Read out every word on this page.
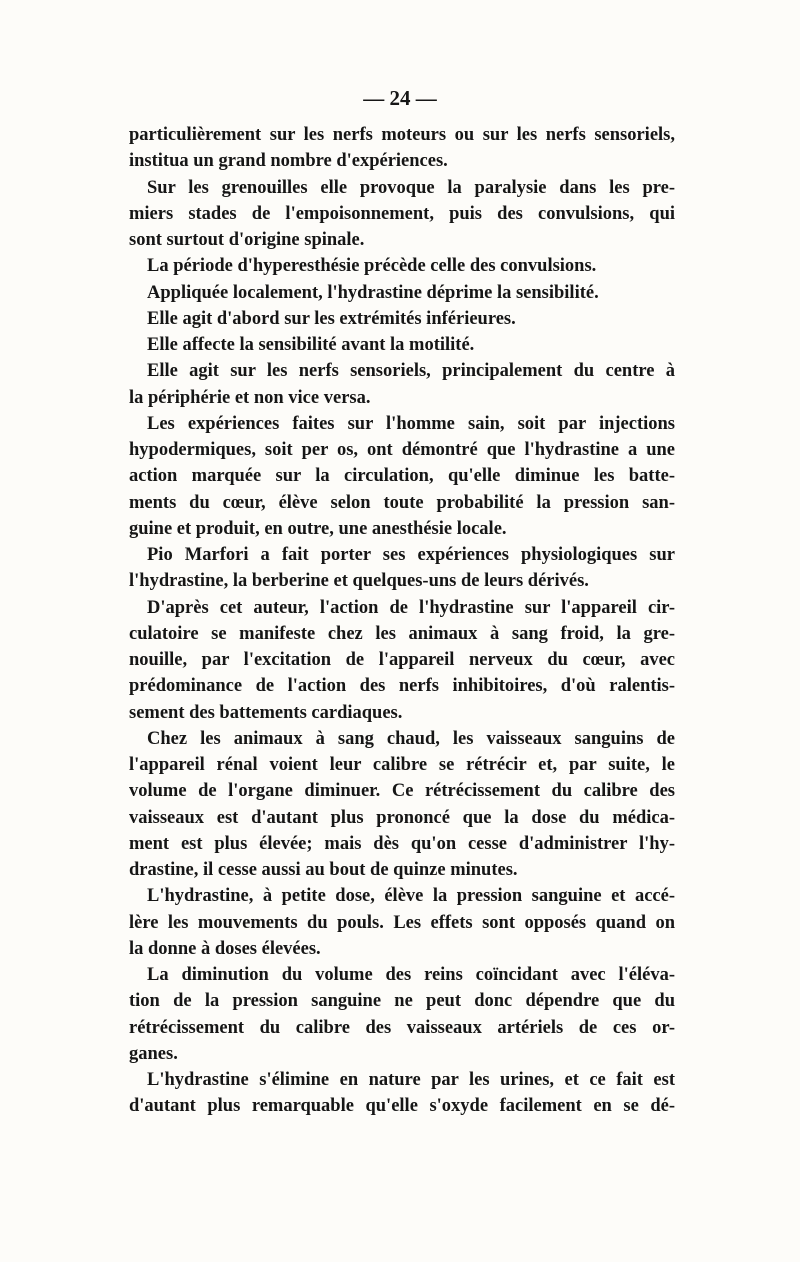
— 24 —
particulièrement sur les nerfs moteurs ou sur les nerfs sensoriels,
institua un grand nombre d'expériences.
Sur les grenouilles elle provoque la paralysie dans les pre-
miers stades de l'empoisonnement, puis des convulsions, qui
sont surtout d'origine spinale.
La période d'hyperesthésie précède celle des convulsions.
Appliquée localement, l'hydrastine déprime la sensibilité.
Elle agit d'abord sur les extrémités inférieures.
Elle affecte la sensibilité avant la motilité.
Elle agit sur les nerfs sensoriels, principalement du centre à
la périphérie et non vice versa.
Les expériences faites sur l'homme sain, soit par injections
hypodermiques, soit per os, ont démontré que l'hydrastine a une
action marquée sur la circulation, qu'elle diminue les batte-
ments du cœur, élève selon toute probabilité la pression san-
guine et produit, en outre, une anesthésie locale.
Pio Marfori a fait porter ses expériences physiologiques sur
l'hydrastine, la berberine et quelques-uns de leurs dérivés.
D'après cet auteur, l'action de l'hydrastine sur l'appareil cir-
culatoire se manifeste chez les animaux à sang froid, la gre-
nouille, par l'excitation de l'appareil nerveux du cœur, avec
prédominance de l'action des nerfs inhibitoires, d'où ralentis-
sement des battements cardiaques.
Chez les animaux à sang chaud, les vaisseaux sanguins de
l'appareil rénal voient leur calibre se rétrécir et, par suite, le
volume de l'organe diminuer. Ce rétrécissement du calibre des
vaisseaux est d'autant plus prononcé que la dose du médica-
ment est plus élevée; mais dès qu'on cesse d'administrer l'hy-
drastine, il cesse aussi au bout de quinze minutes.
L'hydrastine, à petite dose, élève la pression sanguine et accé-
lère les mouvements du pouls. Les effets sont opposés quand on
la donne à doses élevées.
La diminution du volume des reins coïncidant avec l'éléva-
tion de la pression sanguine ne peut donc dépendre que du
rétrécissement du calibre des vaisseaux artériels de ces or-
ganes.
L'hydrastine s'élimine en nature par les urines, et ce fait est
d'autant plus remarquable qu'elle s'oxyde facilement en se dé-
